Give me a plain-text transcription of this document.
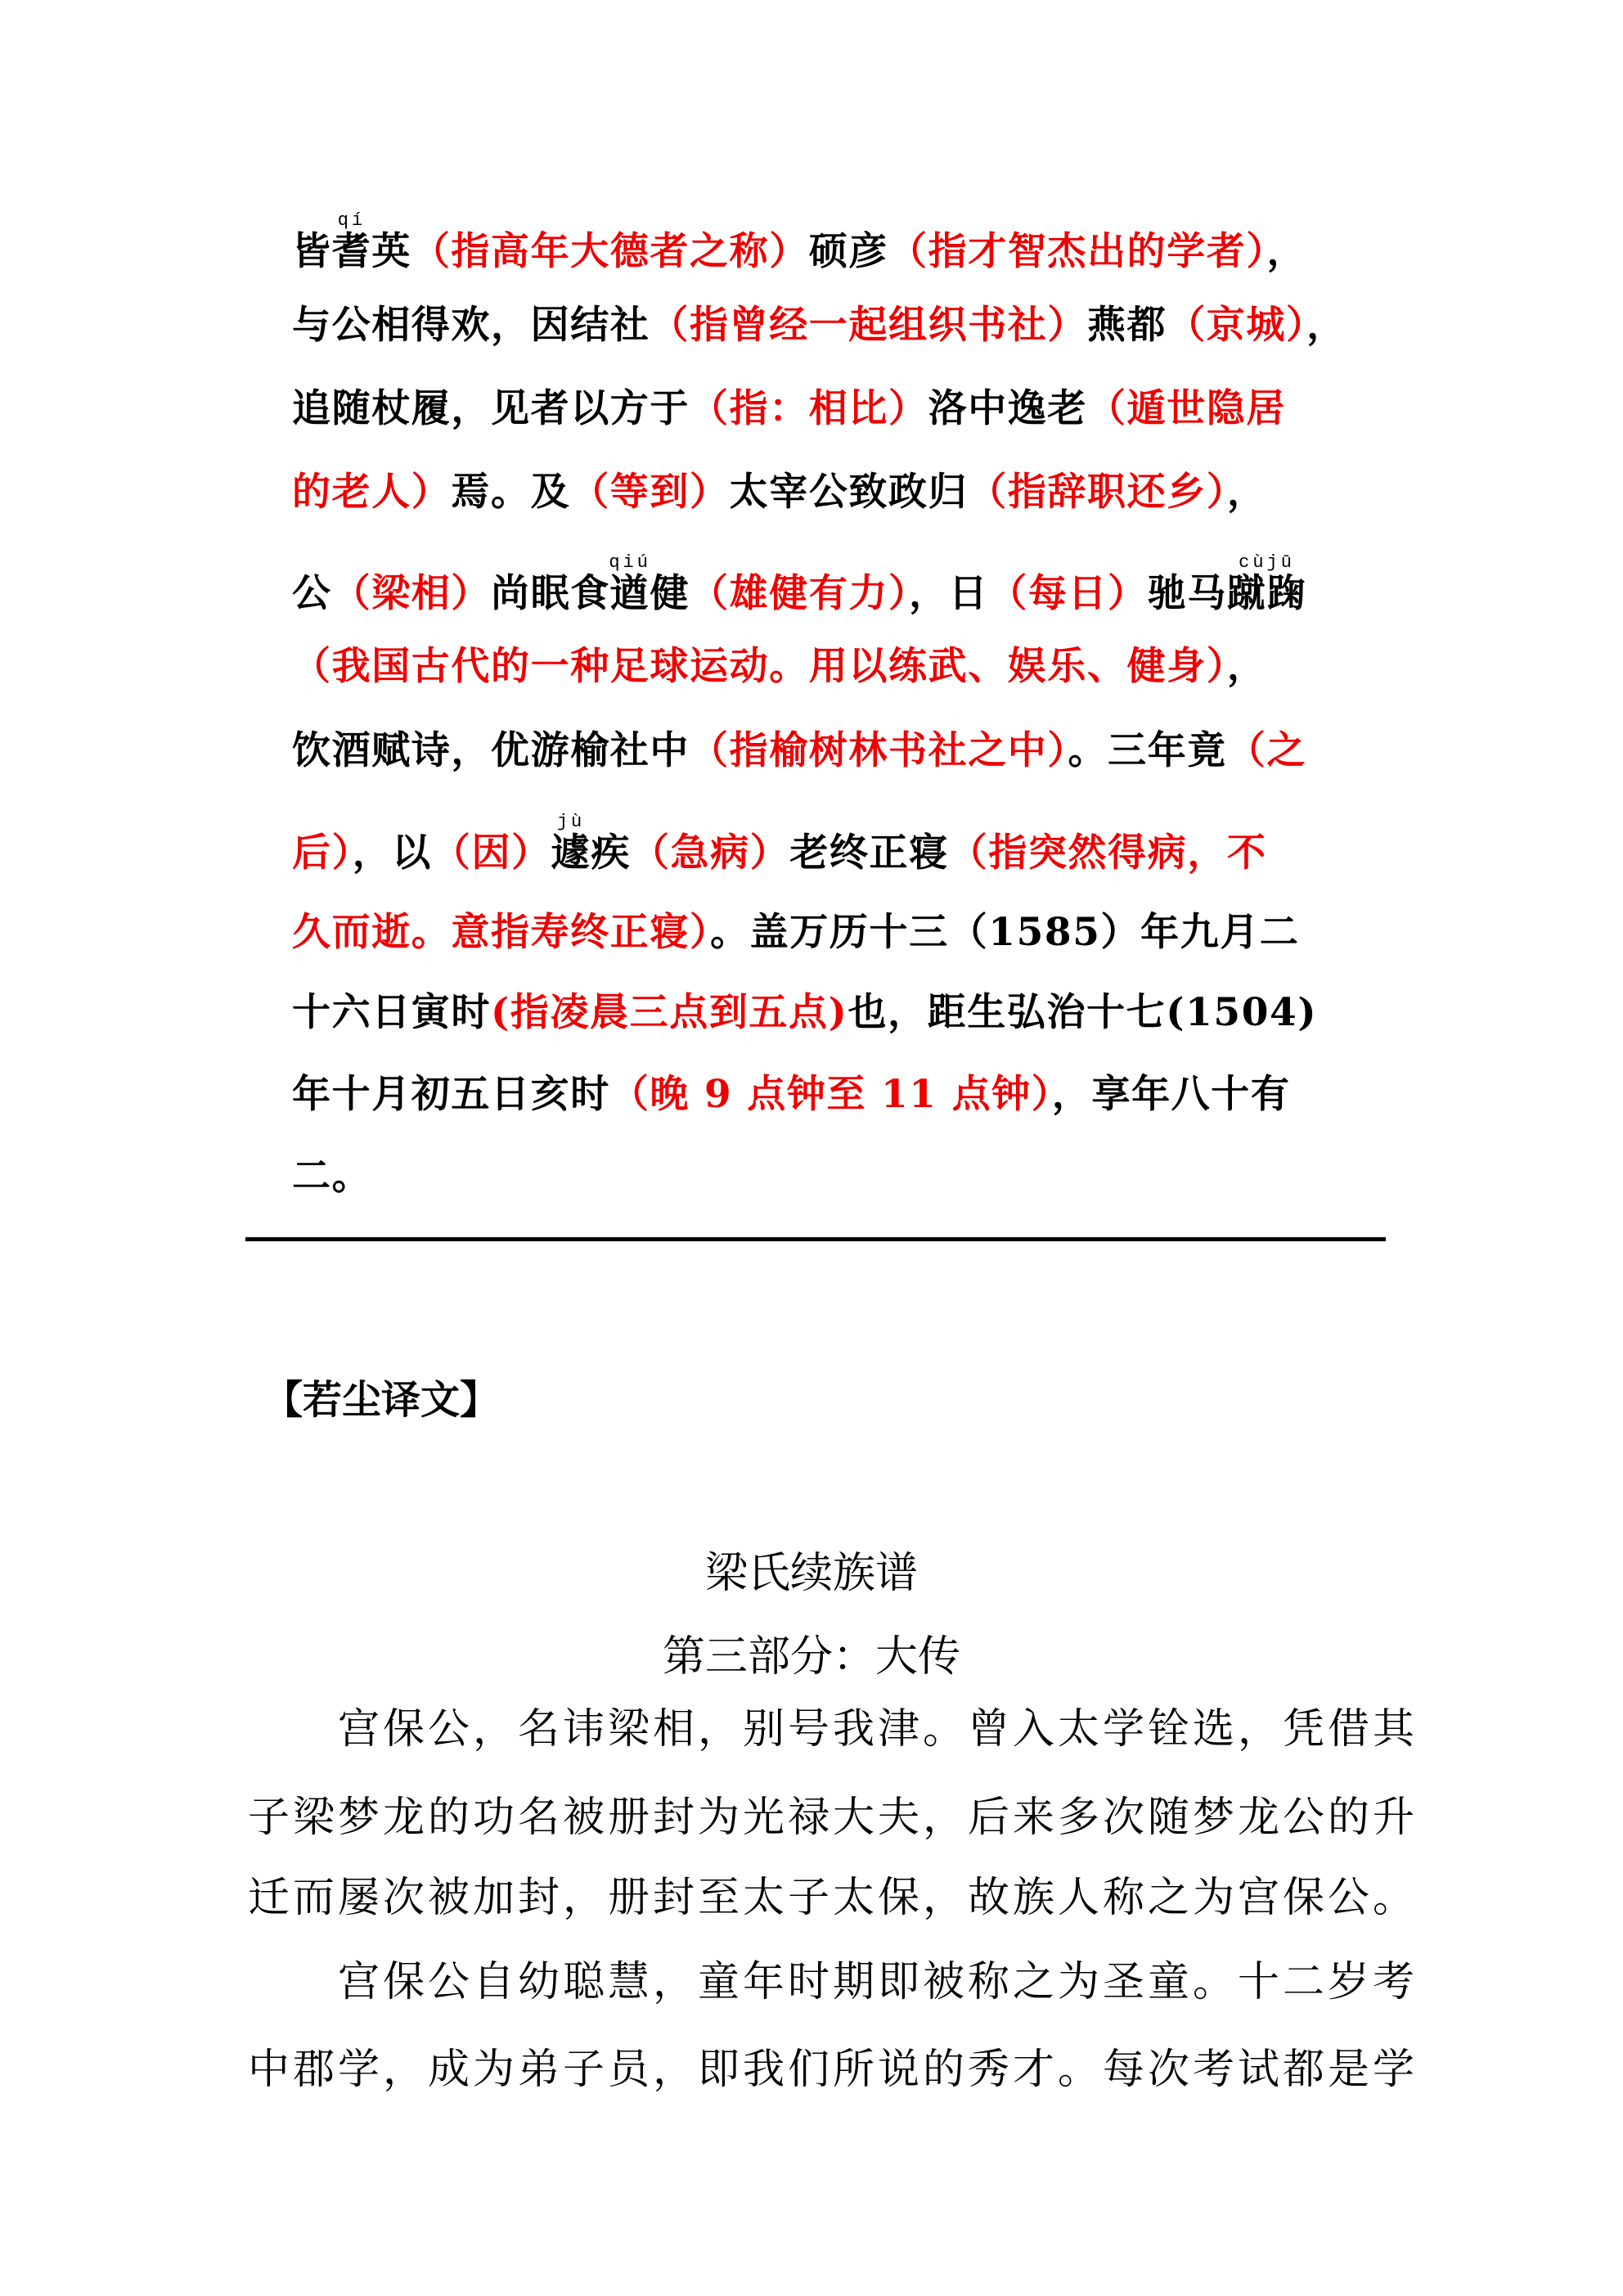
皆耆qí英（指高年大德者之称）硕彦（指才智杰出的学者），
与公相得欢，因结社（指曾经一起组织书社）燕都（京城），
追随杖履，见者以方于（指：相比）洛中逸老（遁世隐居
的老人）焉。及（等到）太宰公致政归（指辞职还乡），
公（梁相）尚眠食遒qiú健（雄健有力），日（每日）驰马蹴踘cùjū
（我国古代的一种足球运动。用以练武、娱乐、健身），
饮酒赋诗，优游榆社中（指榆树林书社之中）。三年竟（之
后），以（因）遽jù疾（急病）老终正寝（指突然得病，不
久而逝。意指寿终正寝）。盖万历十三（1585）年九月二
十六日寅时(指凌晨三点到五点)也，距生弘治十七(1504)
年十月初五日亥时（晚 9 点钟至 11 点钟），享年八十有
二。
【若尘译文】
梁氏续族谱
第三部分：大传
宫保公，名讳梁相，别号我津。曾入太学铨选，凭借其
子梁梦龙的功名被册封为光禄大夫，后来多次随梦龙公的升
迁而屡次被加封，册封至太子太保，故族人称之为宫保公。
宫保公自幼聪慧，童年时期即被称之为圣童。十二岁考
中郡学，成为弟子员，即我们所说的秀才。每次考试都是学
